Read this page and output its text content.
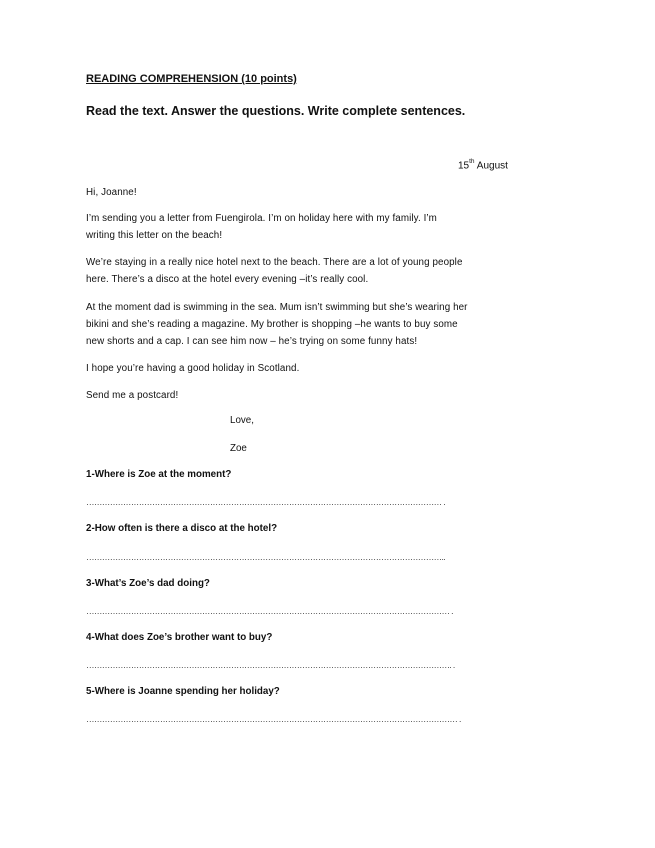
READING COMPREHENSION (10 points)
Read the text. Answer the questions. Write complete sentences.
15th August
Hi, Joanne!
I’m sending you a letter from Fuengirola. I’m on holiday here with my family. I’m
writing this letter on the beach!
We’re staying in a really nice hotel next to the beach. There are a lot of young people
here. There’s a disco at the hotel every evening –it’s really cool.
At the moment dad is swimming in the sea. Mum isn’t swimming but she’s wearing her
bikini and she’s reading a magazine. My brother is shopping –he wants to buy some
new shorts and a cap. I can see him now – he’s trying on some funny hats!
I hope you’re having a good holiday in Scotland.
Send me a postcard!
Love,
Zoe
1-Where is Zoe at the moment?
……………………………………………………………………………………………………………………… .
2-How often is there a disco at the hotel?
………………………………………………………………………………………………………………………..
3-What’s Zoe’s dad doing?
………………………………………………………………………………………………………………………… .
4-What does Zoe’s brother want to buy?
…………………………………………………………………………………………………………………………. .
5-Where is Joanne spending her holiday?
…………………………………………………………………………………………………………………………… .
